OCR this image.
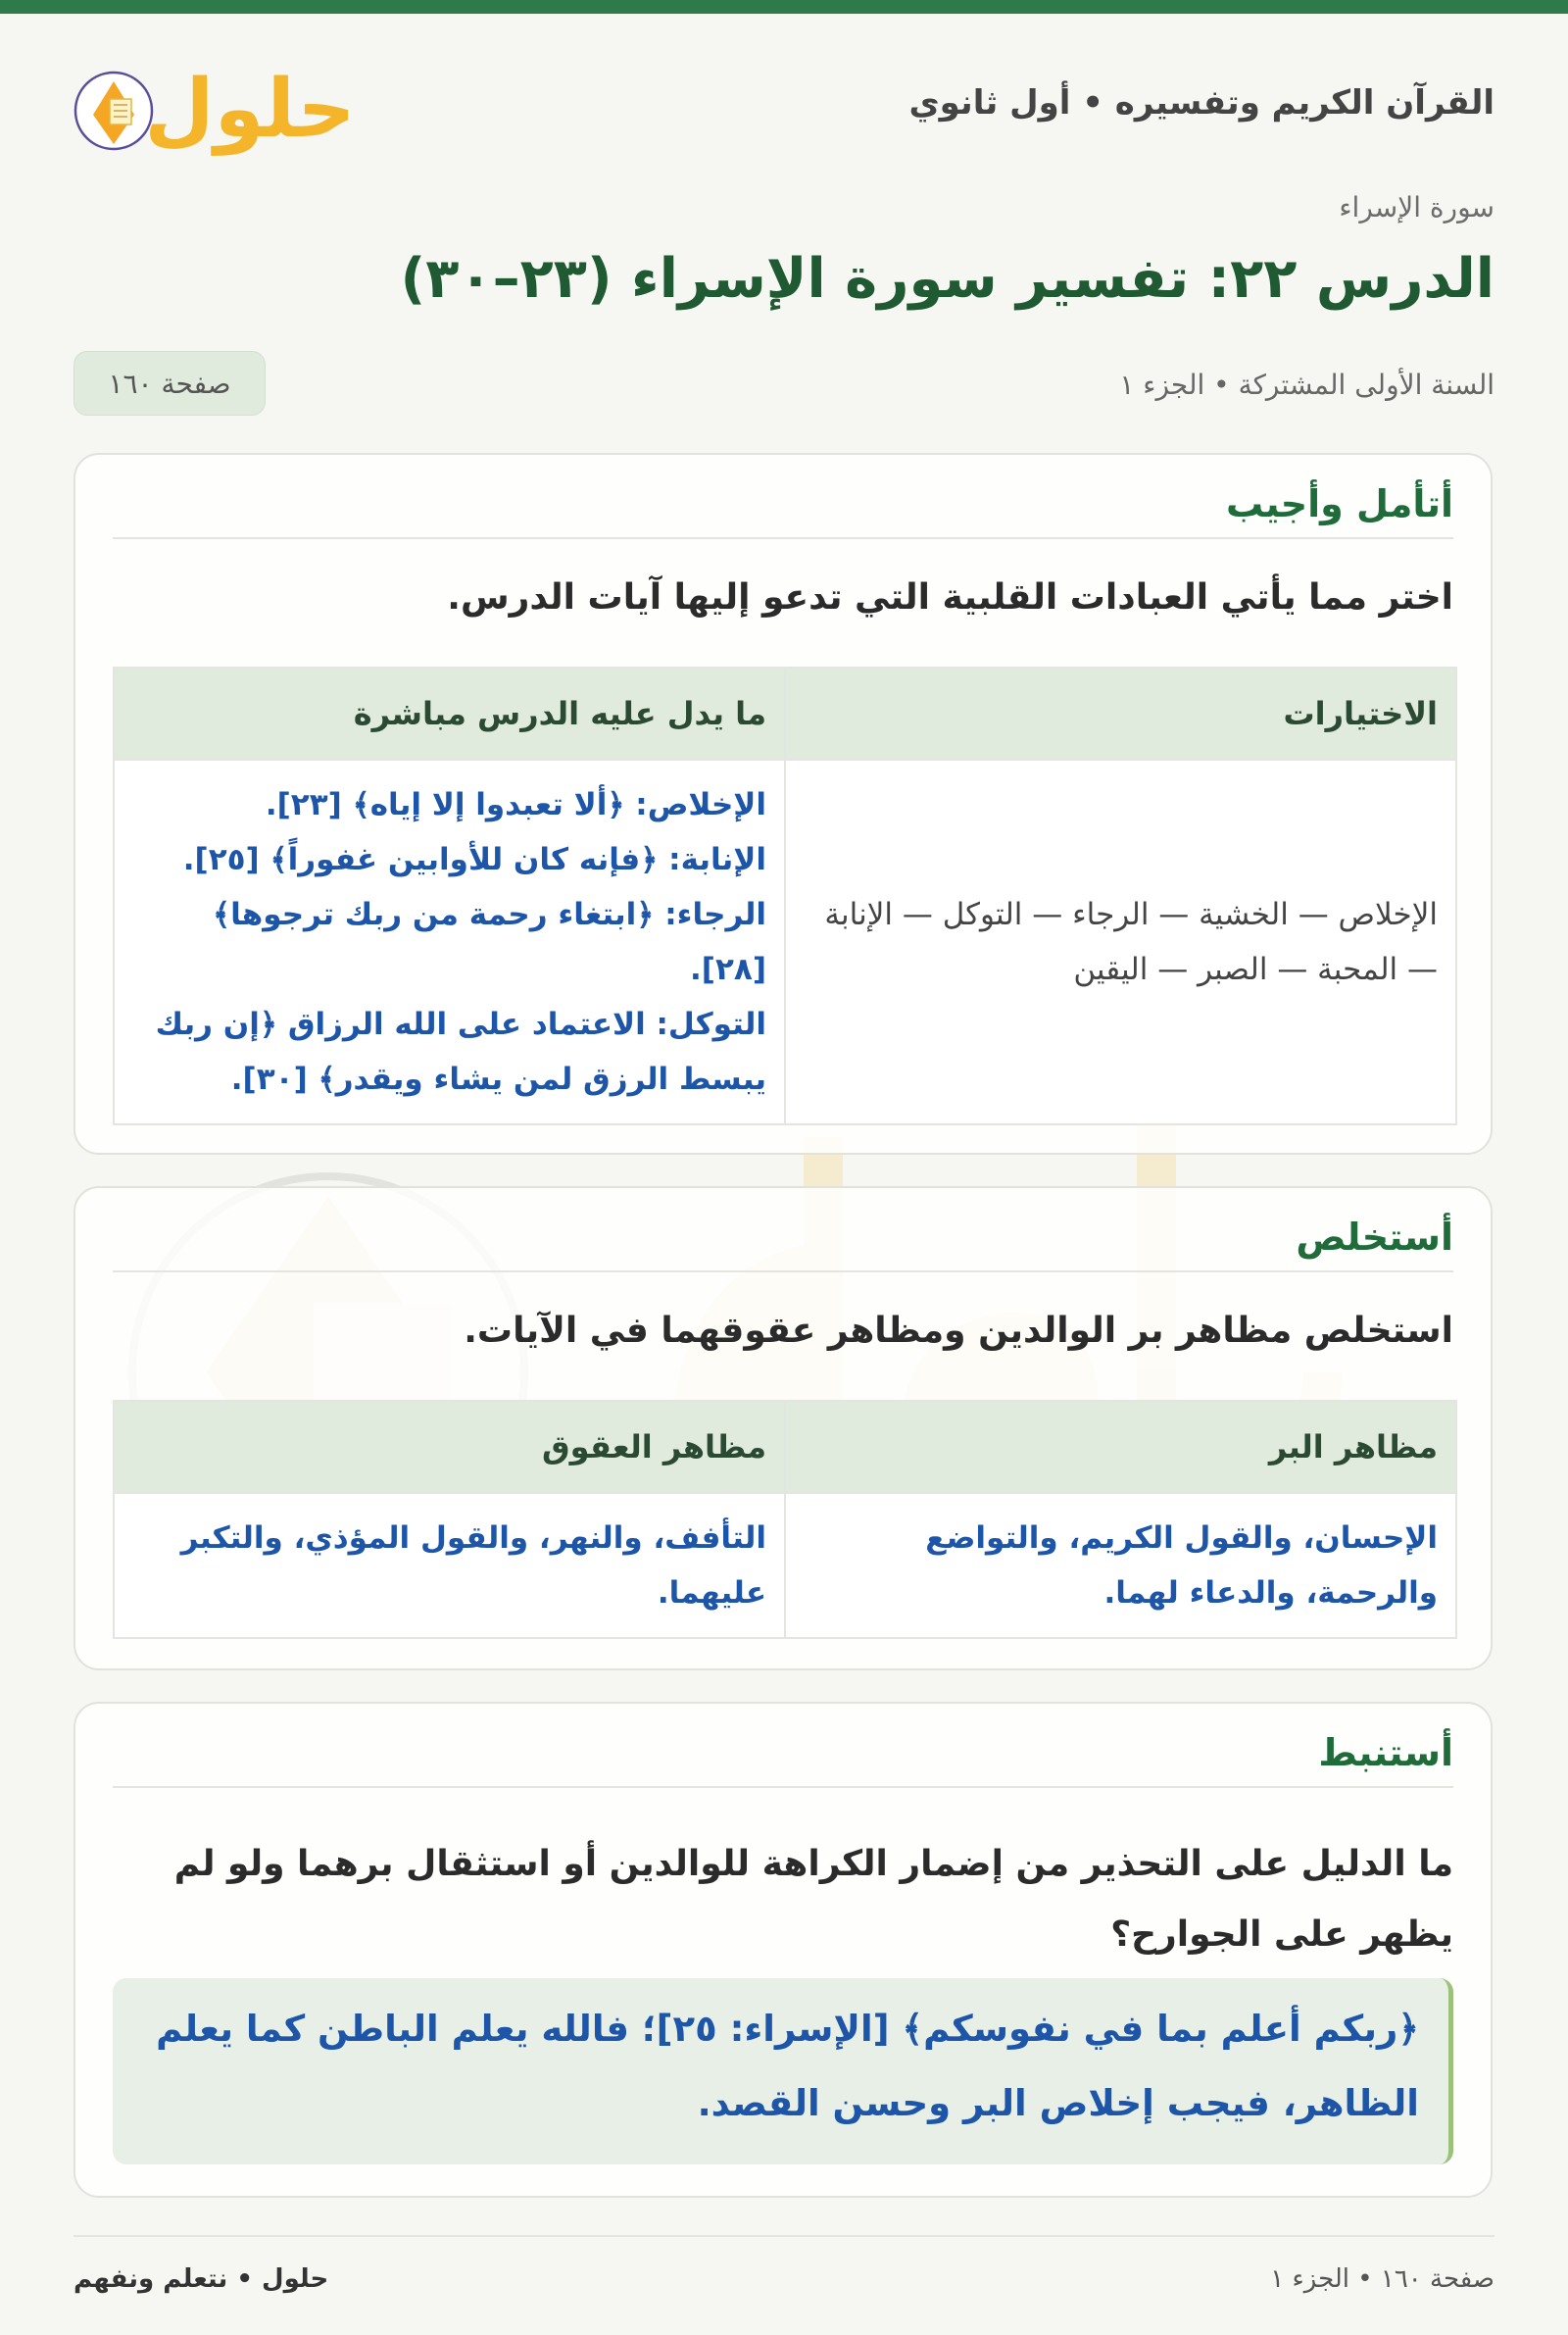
القرآن الكريم وتفسيره • أول ثانوي
حلول
سورة الإسراء
الدرس ٢٢: تفسير سورة الإسراء (٢٣–٣٠)
السنة الأولى المشتركة • الجزء ١
صفحة ١٦٠
أتأمل وأجيب
اختر مما يأتي العبادات القلبية التي تدعو إليها آيات الدرس.
الاختيارات	ما يدل عليه الدرس مباشرة
الإخلاص — الخشية — الرجاء — التوكل — الإنابة — المحبة — الصبر — اليقين	الإخلاص: ﴿ألا تعبدوا إلا إياه﴾ [٢٣].
الإنابة: ﴿فإنه كان للأوابين غفوراً﴾ [٢٥].
الرجاء: ﴿ابتغاء رحمة من ربك ترجوها﴾ [٢٨].
التوكل: الاعتماد على الله الرزاق ﴿إن ربك يبسط الرزق لمن يشاء ويقدر﴾ [٣٠].
أستخلص
استخلص مظاهر بر الوالدين ومظاهر عقوقهما في الآيات.
مظاهر البر	مظاهر العقوق
الإحسان، والقول الكريم، والتواضع والرحمة، والدعاء لهما.	التأفف، والنهر، والقول المؤذي، والتكبر عليهما.
أستنبط
ما الدليل على التحذير من إضمار الكراهة للوالدين أو استثقال برهما ولو لم يظهر على الجوارح؟
﴿ربكم أعلم بما في نفوسكم﴾ [الإسراء: ٢٥]؛ فالله يعلم الباطن كما يعلم الظاهر، فيجب إخلاص البر وحسن القصد.
حلول • نتعلم ونفهم	صفحة ١٦٠ • الجزء ١
